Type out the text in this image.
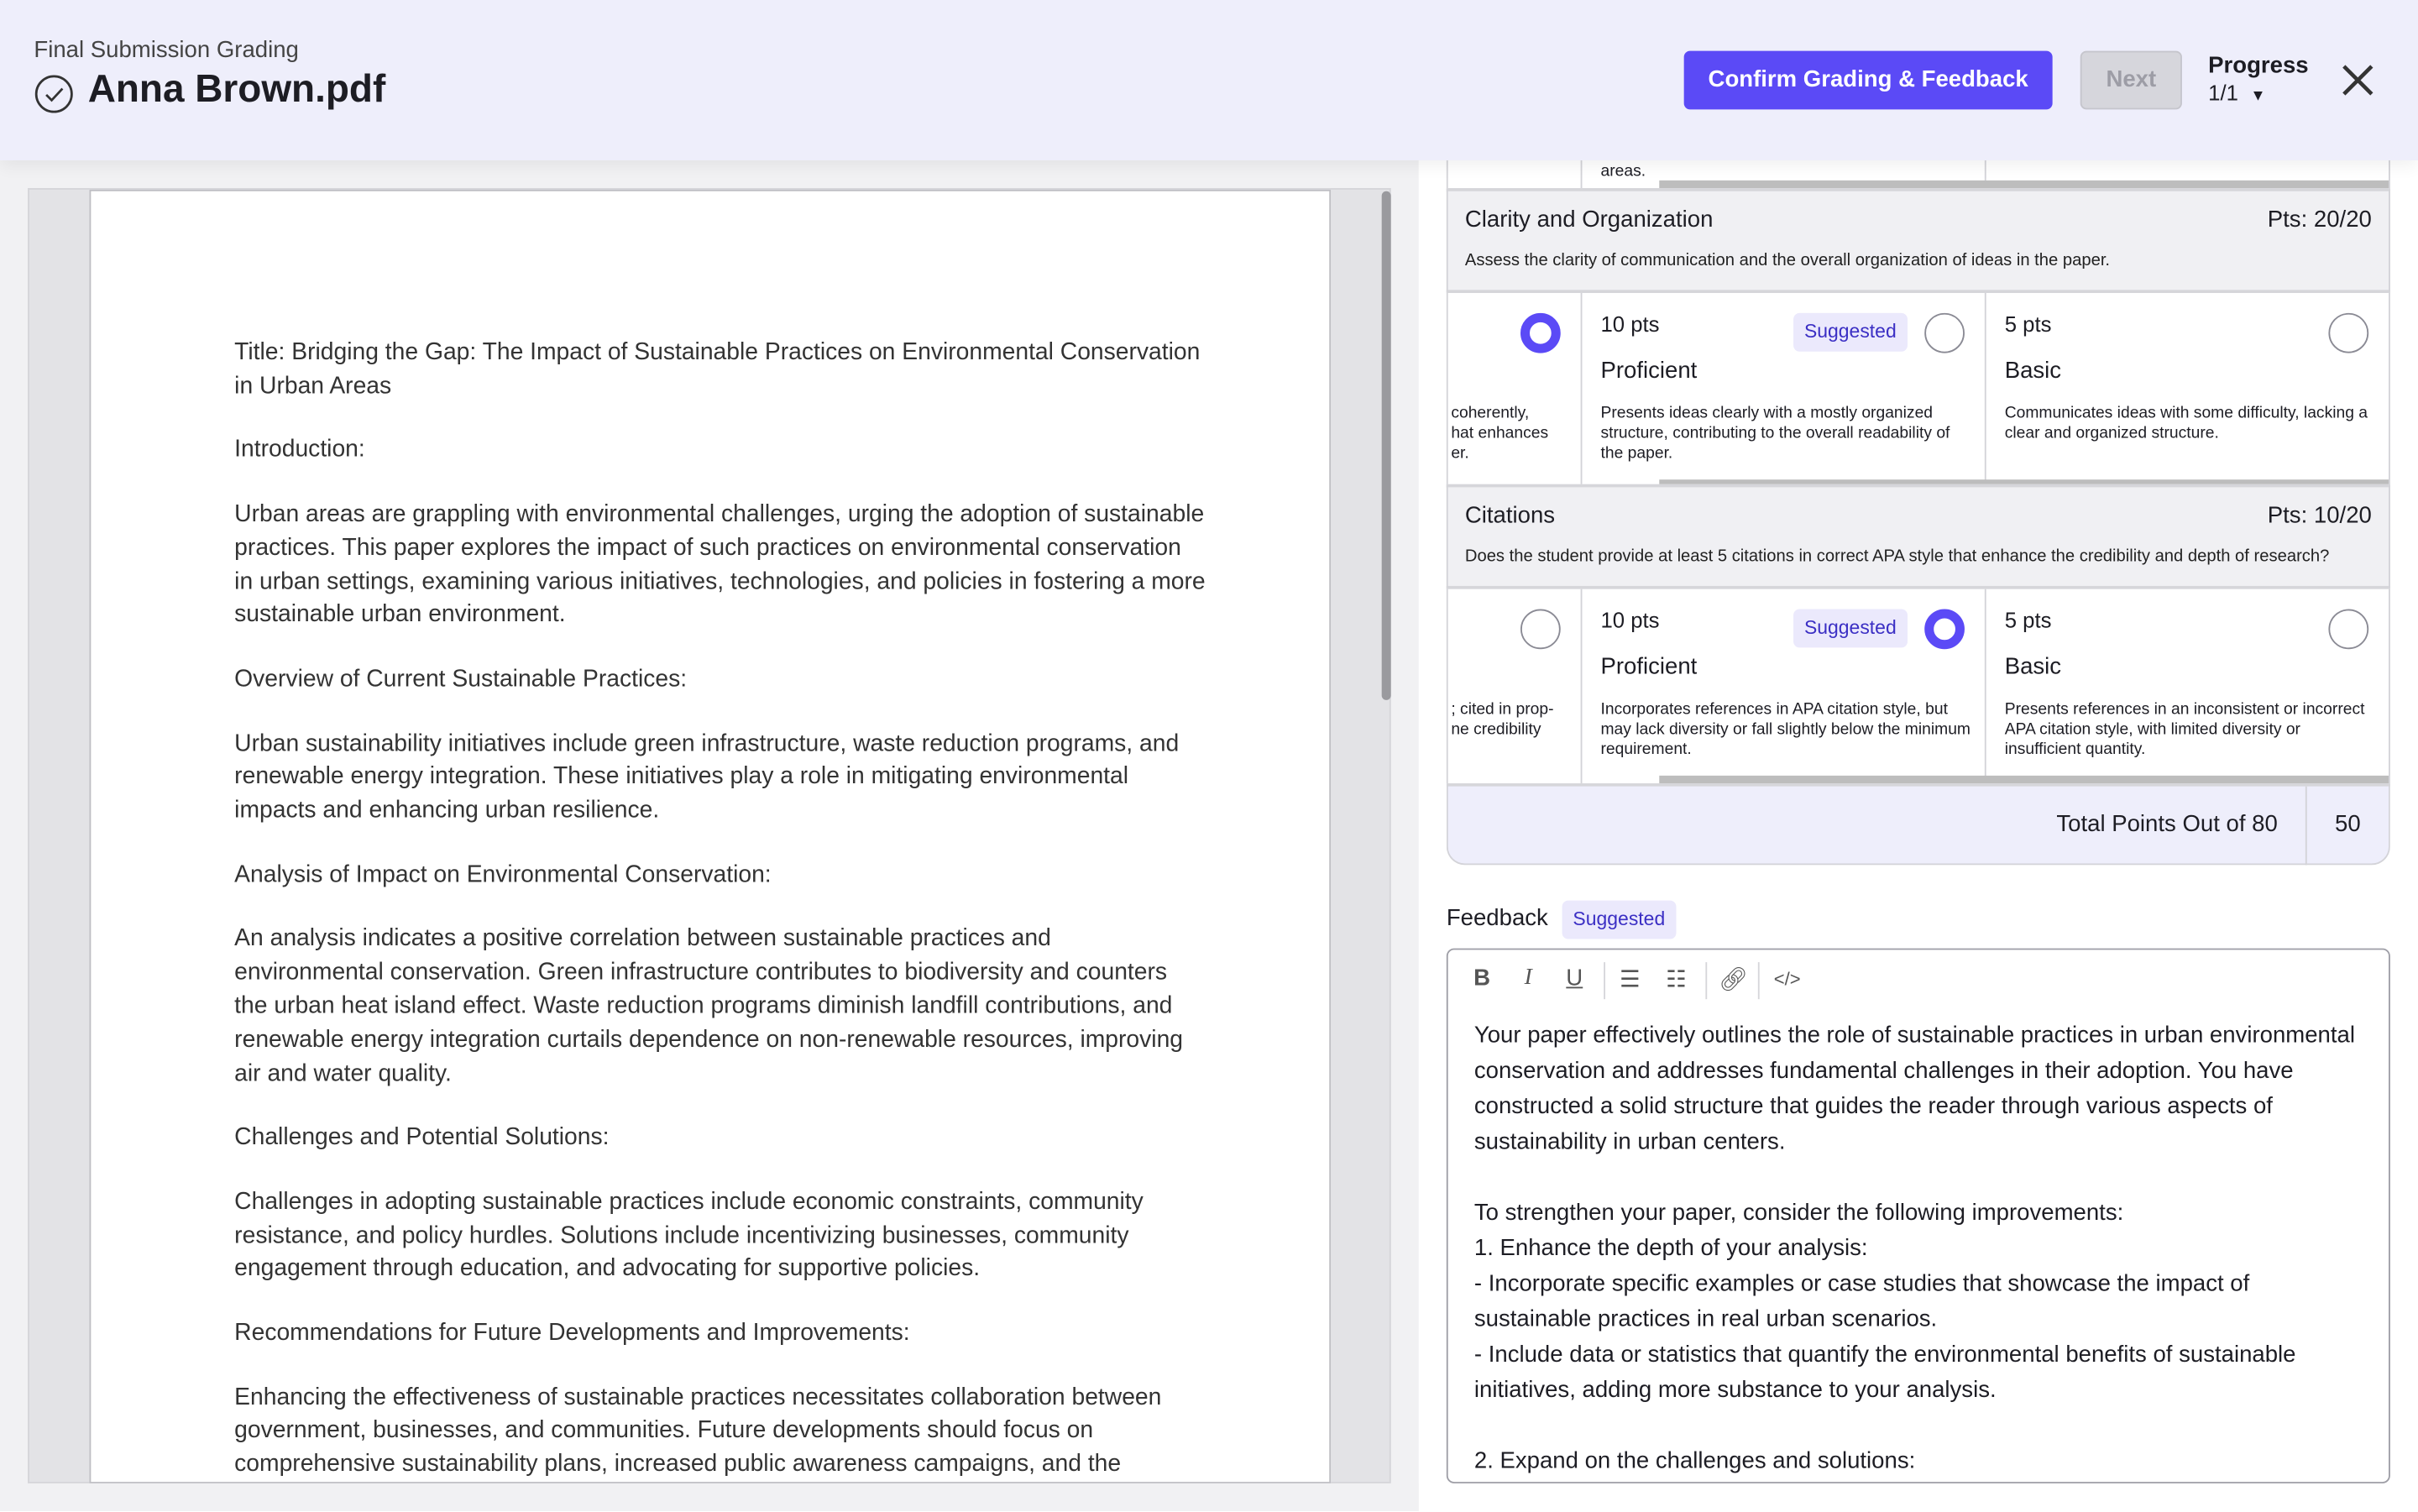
Final Submission Grading
Anna Brown.pdf	Confirm Grading & Feedback	Next
Progress
1/1 ▼

Title: Bridging the Gap: The Impact of Sustainable Practices on Environmental Conservation in Urban Areas

Introduction:

Urban areas are grappling with environmental challenges, urging the adoption of sustainable practices. This paper explores the impact of such practices on environmental conservation in urban settings, examining various initiatives, technologies, and policies in fostering a more sustainable urban environment.

Overview of Current Sustainable Practices:

Urban sustainability initiatives include green infrastructure, waste reduction programs, and renewable energy integration. These initiatives play a role in mitigating environmental impacts and enhancing urban resilience.

Analysis of Impact on Environmental Conservation:

An analysis indicates a positive correlation between sustainable practices and environmental conservation. Green infrastructure contributes to biodiversity and counters the urban heat island effect. Waste reduction programs diminish landfill contributions, and renewable energy integration curtails dependence on non-renewable resources, improving air and water quality.

Challenges and Potential Solutions:

Challenges in adopting sustainable practices include economic constraints, community resistance, and policy hurdles. Solutions include incentivizing businesses, community engagement through education, and advocating for supportive policies.

Recommendations for Future Developments and Improvements:

Enhancing the effectiveness of sustainable practices necessitates collaboration between government, businesses, and communities. Future developments should focus on comprehensive sustainability plans, increased public awareness campaigns, and the

areas.
Clarity and Organization	Pts: 20/20
Assess the clarity of communication and the overall organization of ideas in the paper.
coherently,
hat enhances
er.
10 pts	Suggested
Proficient
Presents ideas clearly with a mostly organized structure, contributing to the overall readability of the paper.
5 pts
Basic
Communicates ideas with some difficulty, lacking a clear and organized structure.
Citations	Pts: 10/20
Does the student provide at least 5 citations in correct APA style that enhance the credibility and depth of research?
; cited in prop-
ne credibility
10 pts	Suggested
Proficient
Incorporates references in APA citation style, but may lack diversity or fall slightly below the minimum requirement.
5 pts
Basic
Presents references in an inconsistent or incorrect APA citation style, with limited diversity or insufficient quantity.
Total Points Out of 80	50
Feedback	Suggested
B	I	U	☰	☷	🔗︎	</>
Your paper effectively outlines the role of sustainable practices in urban environmental conservation and addresses fundamental challenges in their adoption. You have constructed a solid structure that guides the reader through various aspects of sustainability in urban centers.

To strengthen your paper, consider the following improvements:
1. Enhance the depth of your analysis:
- Incorporate specific examples or case studies that showcase the impact of sustainable practices in real urban scenarios.
- Include data or statistics that quantify the environmental benefits of sustainable initiatives, adding more substance to your analysis.

2. Expand on the challenges and solutions:
